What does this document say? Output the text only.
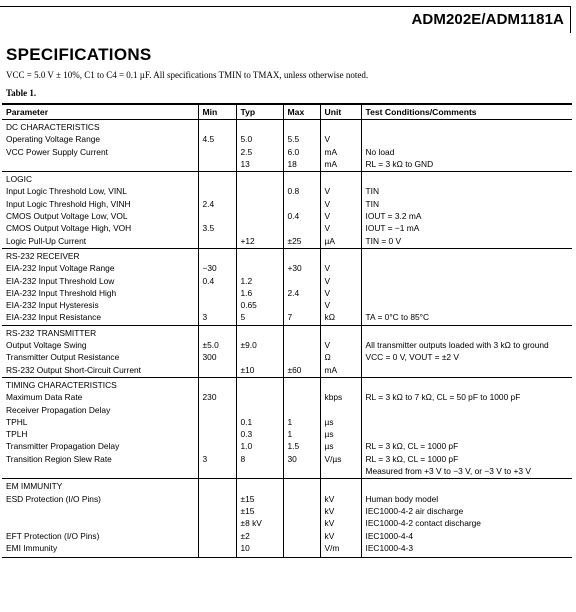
ADM202E/ADM1181A
SPECIFICATIONS
VCC = 5.0 V ± 10%, C1 to C4 = 0.1 µF. All specifications TMIN to TMAX, unless otherwise noted.
Table 1.
Parameter	Min	Typ	Max	Unit	Test Conditions/Comments
DC CHARACTERISTICS					
Operating Voltage Range	4.5	5.0	5.5	V	
VCC Power Supply Current		2.5	6.0	mA	No load
		13	18	mA	RL = 3 kΩ to GND
LOGIC					
Input Logic Threshold Low, VINL			0.8	V	TIN
Input Logic Threshold High, VINH	2.4			V	TIN
CMOS Output Voltage Low, VOL			0.4	V	IOUT = 3.2 mA
CMOS Output Voltage High, VOH	3.5			V	IOUT = −1 mA
Logic Pull-Up Current		+12	±25	µA	TIN = 0 V
RS-232 RECEIVER					
EIA-232 Input Voltage Range	−30		+30	V	
EIA-232 Input Threshold Low	0.4	1.2		V	
EIA-232 Input Threshold High		1.6	2.4	V	
EIA-232 Input Hysteresis		0.65		V	
EIA-232 Input Resistance	3	5	7	kΩ	TA = 0°C to 85°C
RS-232 TRANSMITTER					
Output Voltage Swing	±5.0	±9.0		V	All transmitter outputs loaded with 3 kΩ to ground
Transmitter Output Resistance	300			Ω	VCC = 0 V, VOUT = ±2 V
RS-232 Output Short-Circuit Current		±10	±60	mA	
TIMING CHARACTERISTICS					
Maximum Data Rate	230			kbps	RL = 3 kΩ to 7 kΩ, CL = 50 pF to 1000 pF
Receiver Propagation Delay					
TPHL		0.1	1	µs	
TPLH		0.3	1	µs	
Transmitter Propagation Delay		1.0	1.5	µs	RL = 3 kΩ, CL = 1000 pF
Transition Region Slew Rate	3	8	30	V/µs	RL = 3 kΩ, CL = 1000 pF
					Measured from +3 V to −3 V, or −3 V to +3 V
EM IMMUNITY					
ESD Protection (I/O Pins)		±15		kV	Human body model
		±15		kV	IEC1000-4-2 air discharge
		±8 kV		kV	IEC1000-4-2 contact discharge
EFT Protection (I/O Pins)		±2		kV	IEC1000-4-4
EMI Immunity		10		V/m	IEC1000-4-3
